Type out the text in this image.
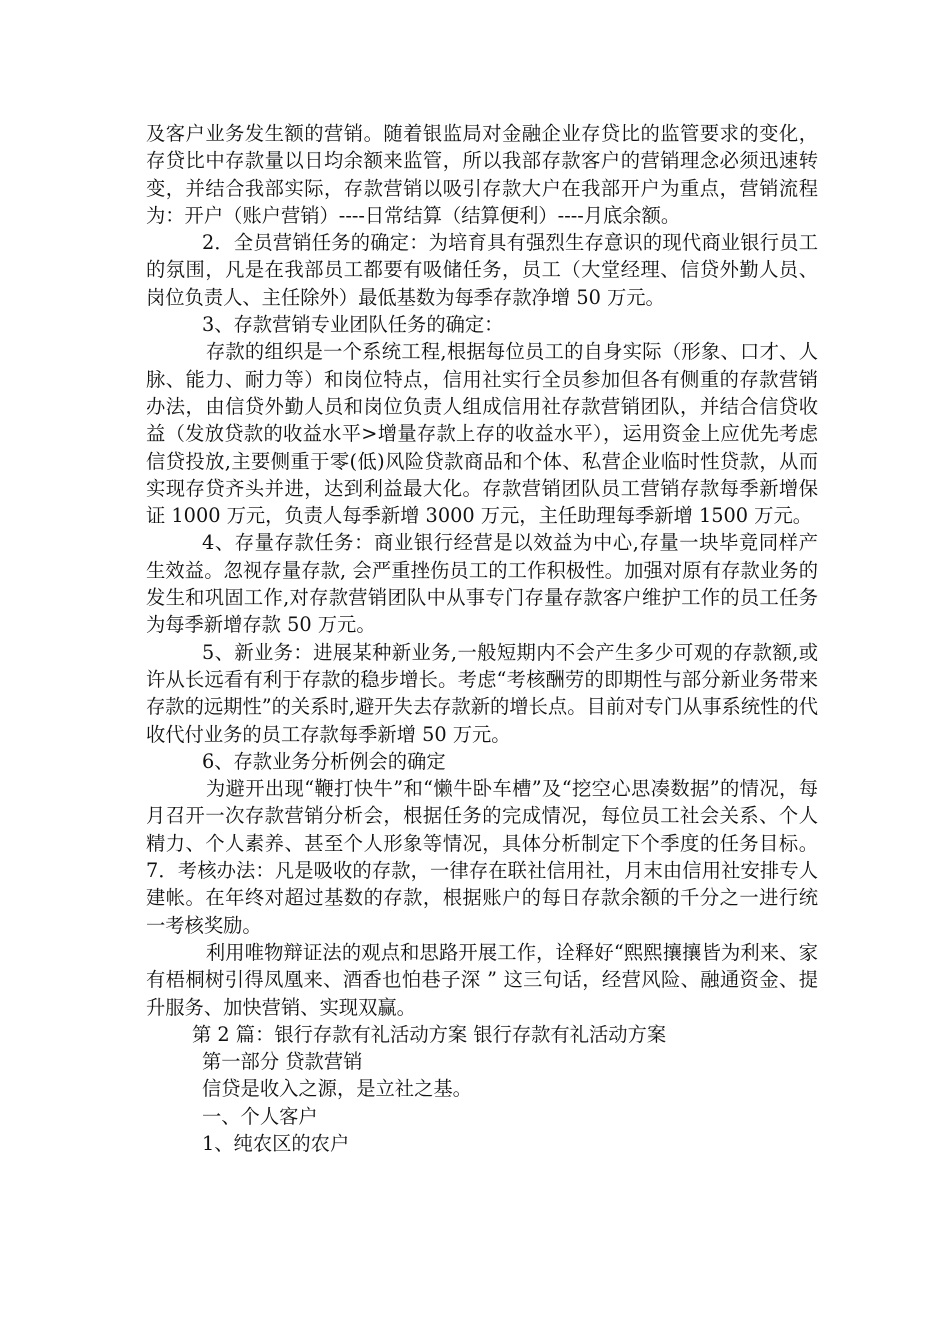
及客户业务发生额的营销。随着银监局对金融企业存贷比的监管要求的变化，存贷比中存款量以日均余额来监管，所以我部存款客户的营销理念必须迅速转变，并结合我部实际，存款营销以吸引存款大户在我部开户为重点，营销流程为：开户（账户营销）----日常结算（结算便利）----月底余额。

2．全员营销任务的确定：为培育具有强烈生存意识的现代商业银行员工的氛围，凡是在我部员工都要有吸储任务，员工（大堂经理、信贷外勤人员、岗位负责人、主任除外）最低基数为每季存款净增 50 万元。

3、存款营销专业团队任务的确定：

存款的组织是一个系统工程,根据每位员工的自身实际（形象、口才、人脉、能力、耐力等）和岗位特点，信用社实行全员参加但各有侧重的存款营销办法，由信贷外勤人员和岗位负责人组成信用社存款营销团队，并结合信贷收益（发放贷款的收益水平>增量存款上存的收益水平），运用资金上应优先考虑信贷投放,主要侧重于零(低)风险贷款商品和个体、私营企业临时性贷款，从而实现存贷齐头并进，达到利益最大化。存款营销团队员工营销存款每季新增保证 1000 万元，负责人每季新增 3000 万元，主任助理每季新增 1500 万元。

4、存量存款任务：商业银行经营是以效益为中心,存量一块毕竟同样产生效益。忽视存量存款, 会严重挫伤员工的工作积极性。加强对原有存款业务的发生和巩固工作,对存款营销团队中从事专门存量存款客户维护工作的员工任务为每季新增存款 50 万元。

5、新业务：进展某种新业务,一般短期内不会产生多少可观的存款额,或许从长远看有利于存款的稳步增长。考虑“考核酬劳的即期性与部分新业务带来存款的远期性”的关系时,避开失去存款新的增长点。目前对专门从事系统性的代收代付业务的员工存款每季新增 50 万元。

6、存款业务分析例会的确定

为避开出现“鞭打快牛”和“懒牛卧车槽”及“挖空心思凑数据”的情况，每月召开一次存款营销分析会，根据任务的完成情况，每位员工社会关系、个人精力、个人素养、甚至个人形象等情况，具体分析制定下个季度的任务目标。 7．考核办法：凡是吸收的存款，一律存在联社信用社，月末由信用社安排专人建帐。在年终对超过基数的存款，根据账户的每日存款余额的千分之一进行统一考核奖励。

利用唯物辩证法的观点和思路开展工作，诠释好“熙熙攘攘皆为利来、家有梧桐树引得凤凰来、酒香也怕巷子深 ” 这三句话，经营风险、融通资金、提升服务、加快营销、实现双赢。

第 2 篇：银行存款有礼活动方案 银行存款有礼活动方案

第一部分 贷款营销

信贷是收入之源，是立社之基。

一、个人客户

1、纯农区的农户
